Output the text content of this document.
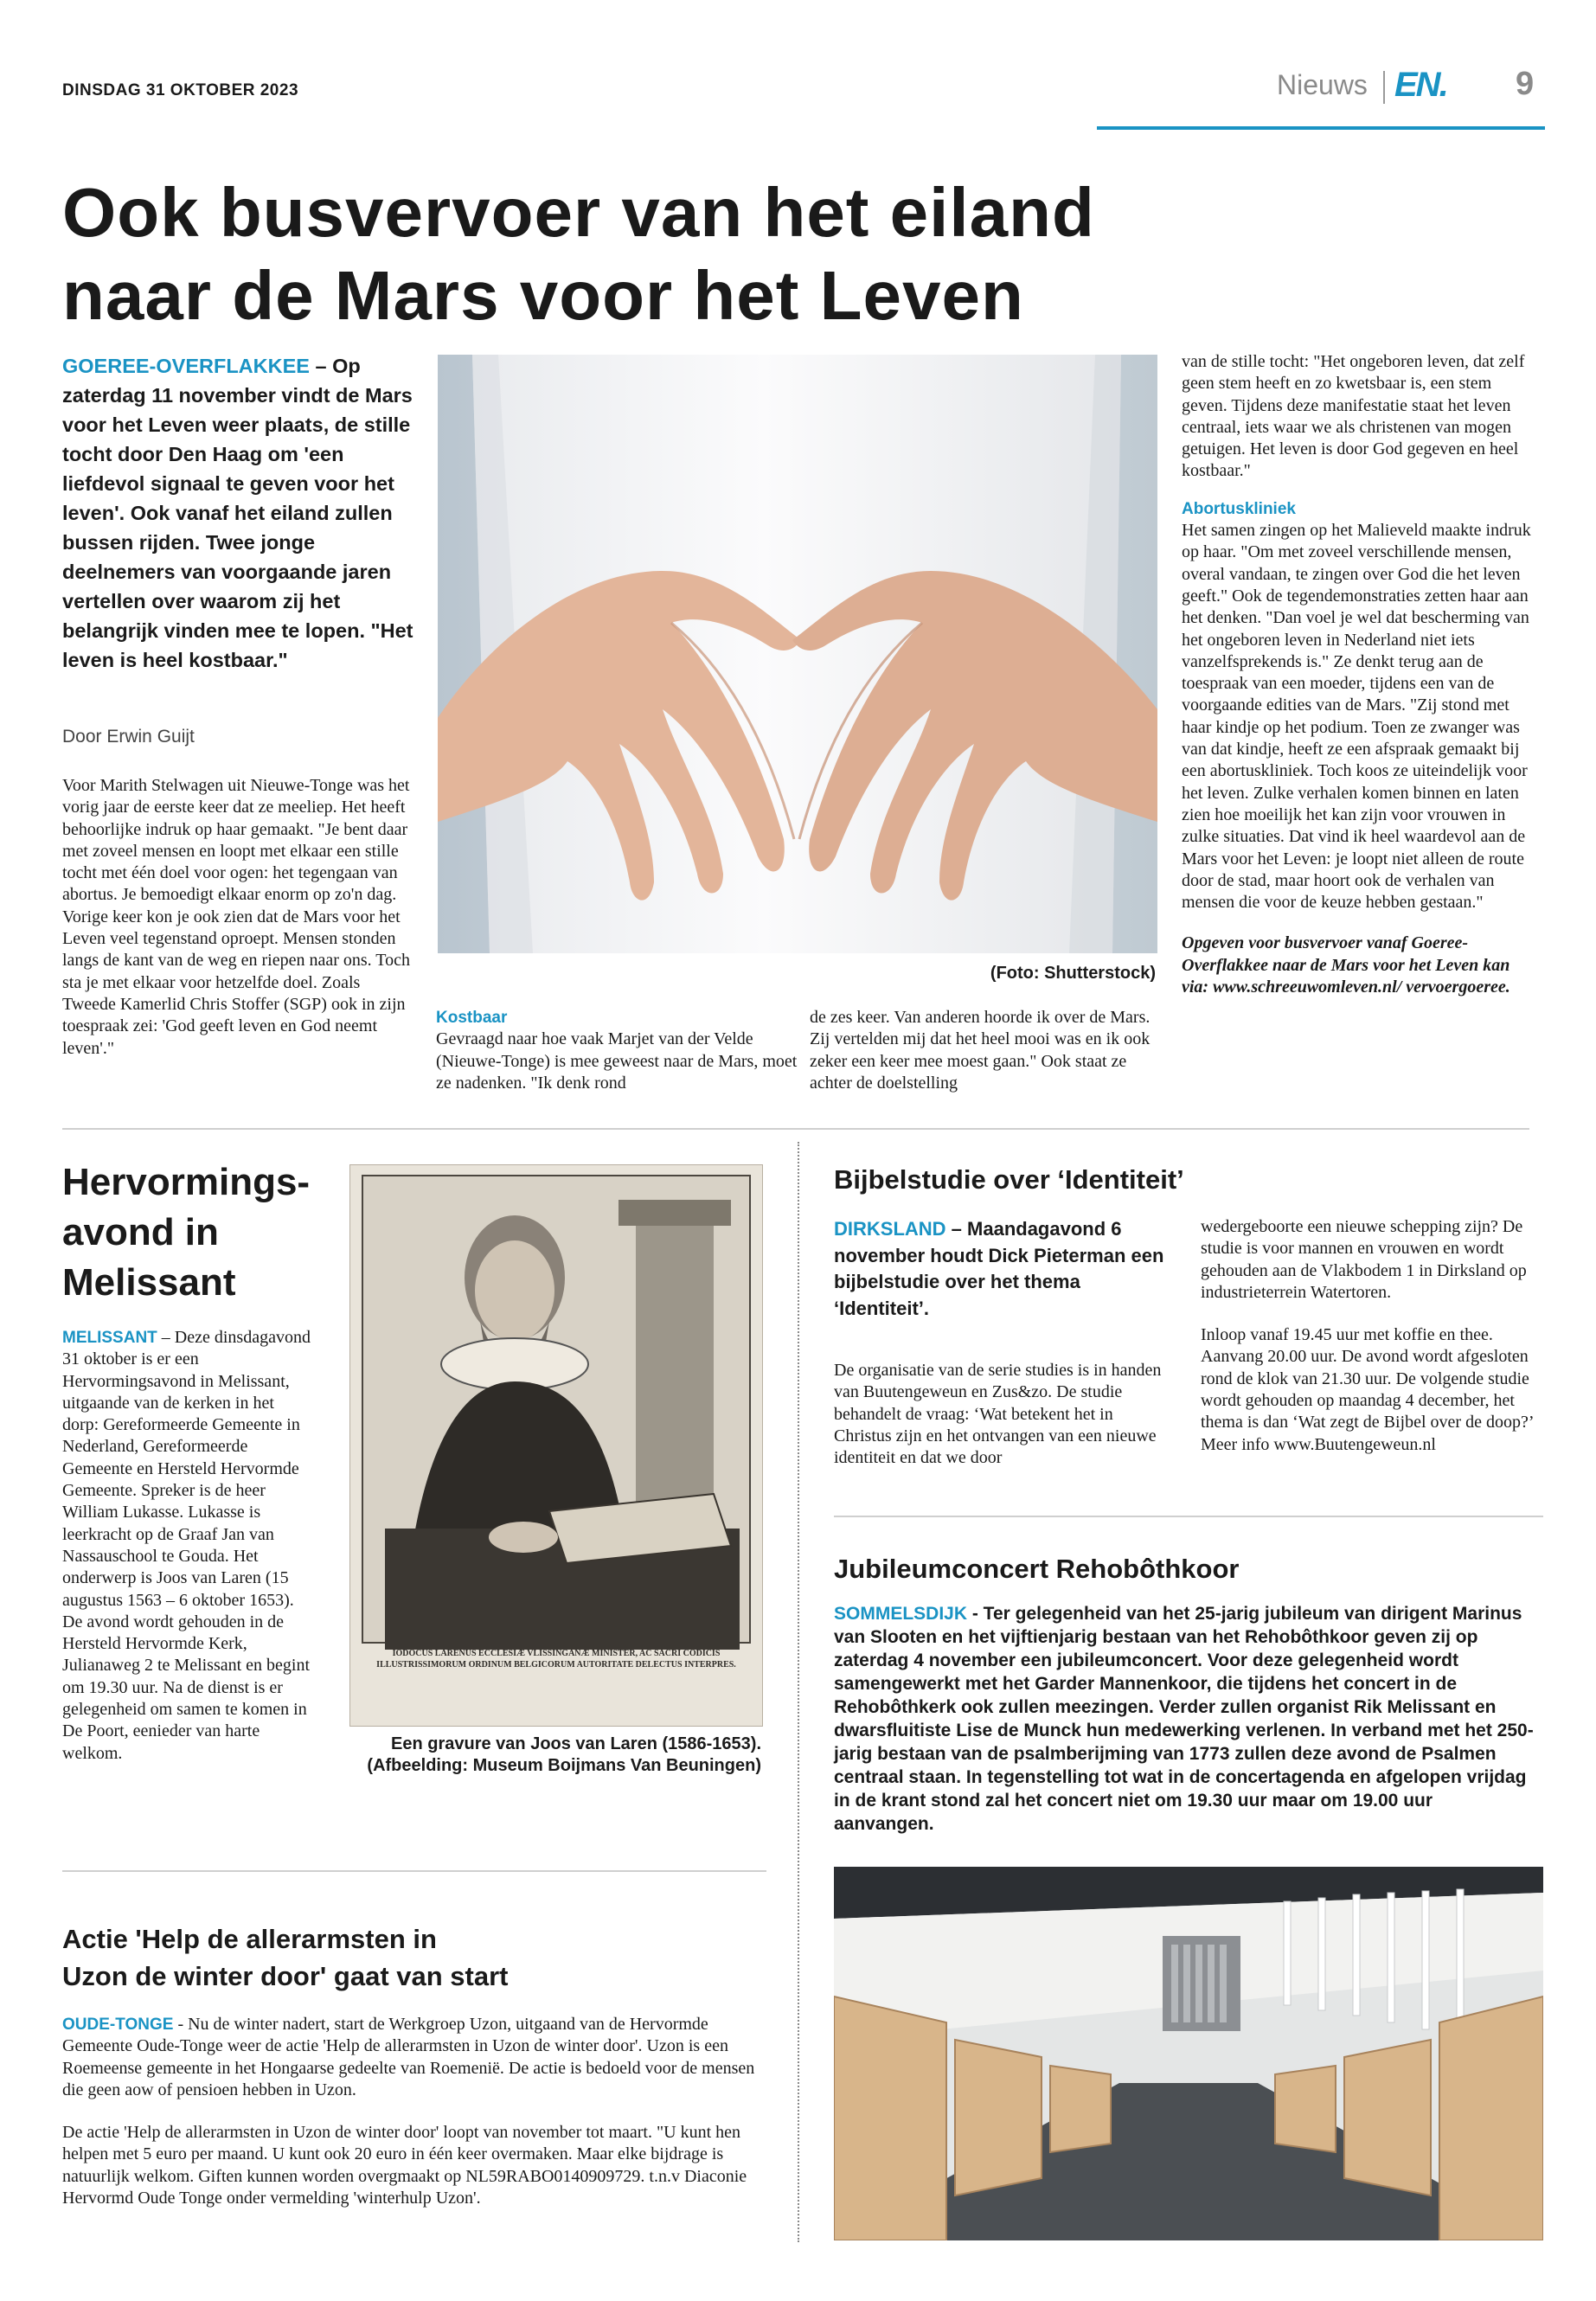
DINSDAG 31 OKTOBER 2023	Nieuws EN. 9
Ook busvervoer van het eiland
naar de Mars voor het Leven
GOEREE-OVERFLAKKEE – Op zaterdag 11 november vindt de Mars voor het Leven weer plaats, de stille tocht door Den Haag om 'een liefdevol signaal te geven voor het leven'. Ook vanaf het eiland zullen bussen rijden. Twee jonge deelnemers van voorgaande jaren vertellen over waarom zij het belangrijk vinden mee te lopen. "Het leven is heel kostbaar."
Door Erwin Guijt

Voor Marith Stelwagen uit Nieuwe-Tonge was het vorig jaar de eerste keer dat ze meeliep. Het heeft behoorlijke indruk op haar gemaakt. "Je bent daar met zoveel mensen en loopt met elkaar een stille tocht met één doel voor ogen: het tegengaan van abortus. Je bemoedigt elkaar enorm op zo'n dag. Vorige keer kon je ook zien dat de Mars voor het Leven veel tegenstand oproept. Mensen stonden langs de kant van de weg en riepen naar ons. Toch sta je met elkaar voor hetzelfde doel. Zoals Tweede Kamerlid Chris Stoffer (SGP) ook in zijn toespraak zei: 'God geeft leven en God neemt leven'."

(Foto: Shutterstock)
Kostbaar

Gevraagd naar hoe vaak Marjet van der Velde (Nieuwe-Tonge) is mee geweest naar de Mars, moet ze nadenken. "Ik denk rond

de zes keer. Van anderen hoorde ik over de Mars. Zij vertelden mij dat het heel mooi was en ik ook zeker een keer mee moest gaan." Ook staat ze achter de doelstelling

van de stille tocht: "Het ongeboren leven, dat zelf geen stem heeft en zo kwetsbaar is, een stem geven. Tijdens deze manifestatie staat het leven centraal, iets waar we als christenen van mogen getuigen. Het leven is door God gegeven en heel kostbaar."

Abortuskliniek

Het samen zingen op het Malieveld maakte indruk op haar. "Om met zoveel verschillende mensen, overal vandaan, te zingen over God die het leven geeft." Ook de tegendemonstraties zetten haar aan het denken. "Dan voel je wel dat bescherming van het ongeboren leven in Nederland niet iets vanzelfsprekends is." Ze denkt terug aan de toespraak van een moeder, tijdens een van de voorgaande edities van de Mars. "Zij stond met haar kindje op het podium. Toen ze zwanger was van dat kindje, heeft ze een afspraak gemaakt bij een abortuskliniek. Toch koos ze uiteindelijk voor het leven. Zulke verhalen komen binnen en laten zien hoe moeilijk het kan zijn voor vrouwen in zulke situaties. Dat vind ik heel waardevol aan de Mars voor het Leven: je loopt niet alleen de route door de stad, maar hoort ook de verhalen van mensen die voor de keuze hebben gestaan."

Opgeven voor busvervoer vanaf Goeree-Overflakkee naar de Mars voor het Leven kan via: www.schreeuwomleven.nl/ vervoergoeree.

Hervormings-avond in Melissant
MELISSANT – Deze dinsdagavond 31 oktober is er een Hervormingsavond in Melissant, uitgaande van de kerken in het dorp: Gereformeerde Gemeente in Nederland, Gereformeerde Gemeente en Hersteld Hervormde Gemeente. Spreker is de heer William Lukasse. Lukasse is leerkracht op de Graaf Jan van Nassauschool te Gouda. Het onderwerp is Joos van Laren (15 augustus 1563 – 6 oktober 1653). De avond wordt gehouden in de Hersteld Hervormde Kerk, Julianaweg 2 te Melissant en begint om 19.30 uur. Na de dienst is er gelegenheid om samen te komen in De Poort, eenieder van harte welkom.
IODOCUS LARENUS ECCLESIÆ VLISSINGANÆ MINISTER, AC SACRI CODICIS ILLUSTRISSIMORUM ORDINUM BELGICORUM AUTORITATE DELECTUS INTERPRES.
Een gravure van Joos van Laren (1586-1653). (Afbeelding: Museum Boijmans Van Beuningen)
Bijbelstudie over ‘Identiteit’
DIRKSLAND – Maandagavond 6 november houdt Dick Pieterman een bijbelstudie over het thema ‘Identiteit’.

De organisatie van de serie studies is in handen van Buutengeweun en Zus&zo. De studie behandelt de vraag: ‘Wat betekent het in Christus zijn en het ontvangen van een nieuwe identiteit en dat we door

wedergeboorte een nieuwe schepping zijn? De studie is voor mannen en vrouwen en wordt gehouden aan de Vlakbodem 1 in Dirksland op industrieterrein Watertoren.

Inloop vanaf 19.45 uur met koffie en thee. Aanvang 20.00 uur. De avond wordt afgesloten rond de klok van 21.30 uur. De volgende studie wordt gehouden op maandag 4 december, het thema is dan ‘Wat zegt de Bijbel over de doop?’ Meer info www.Buutengeweun.nl

Jubileumconcert Rehobôthkoor
SOMMELSDIJK - Ter gelegenheid van het 25-jarig jubileum van dirigent Marinus van Slooten en het vijftienjarig bestaan van het Rehobôthkoor geven zij op zaterdag 4 november een jubileumconcert. Voor deze gelegenheid wordt samengewerkt met het Garder Mannenkoor, die tijdens het concert in de Rehobôthkerk ook zullen meezingen. Verder zullen organist Rik Melissant en dwarsfluitiste Lise de Munck hun medewerking verlenen. In verband met het 250-jarig bestaan van de psalmberijming van 1773 zullen deze avond de Psalmen centraal staan. In tegenstelling tot wat in de concertagenda en afgelopen vrijdag in de krant stond zal het concert niet om 19.30 uur maar om 19.00 uur aanvangen.
Actie 'Help de allerarmsten in
Uzon de winter door' gaat van start

OUDE-TONGE - Nu de winter nadert, start de Werkgroep Uzon, uitgaand van de Hervormde Gemeente Oude-Tonge weer de actie 'Help de allerarmsten in Uzon de winter door'. Uzon is een Roemeense gemeente in het Hongaarse gedeelte van Roemenië. De actie is bedoeld voor de mensen die geen aow of pensioen hebben in Uzon.

De actie 'Help de allerarmsten in Uzon de winter door' loopt van november tot maart. "U kunt hen helpen met 5 euro per maand. U kunt ook 20 euro in één keer overmaken. Maar elke bijdrage is natuurlijk welkom. Giften kunnen worden overgmaakt op NL59RABO0140909729. t.n.v Diaconie Hervormd Oude Tonge onder vermelding 'winterhulp Uzon'.
